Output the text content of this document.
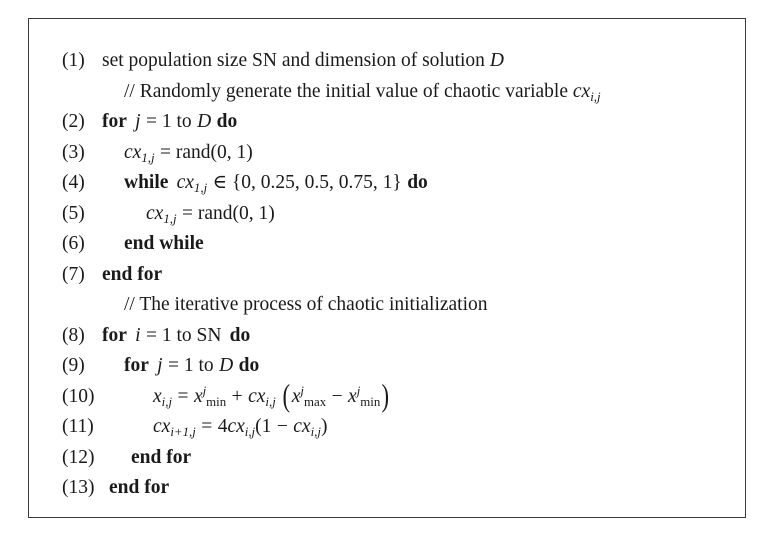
(1) set population size SN and dimension of solution D
// Randomly generate the initial value of chaotic variable $cx_{i,j}$
(2) for j = 1 to D do
(3)	$cx_{1,j}$ = rand(0, 1)
(4)	while $cx_{1,j}$ ∈ {0, 0.25, 0.5, 0.75, 1} do
(5)	$cx_{1,j}$ = rand(0, 1)
(6)	end while
(7) end for
// The iterative process of chaotic initialization
(8) for i = 1 to SN do
(9)	for j = 1 to D do
(10)	$x_{i,j} = x^j_{min} + cx_{i,j}$ $(x^j_{max} - x^j_{min})$
(11)	$cx_{i+1,j} = 4cx_{i,j}(1 - cx_{i,j})$
(12)	end for
(13) end for
